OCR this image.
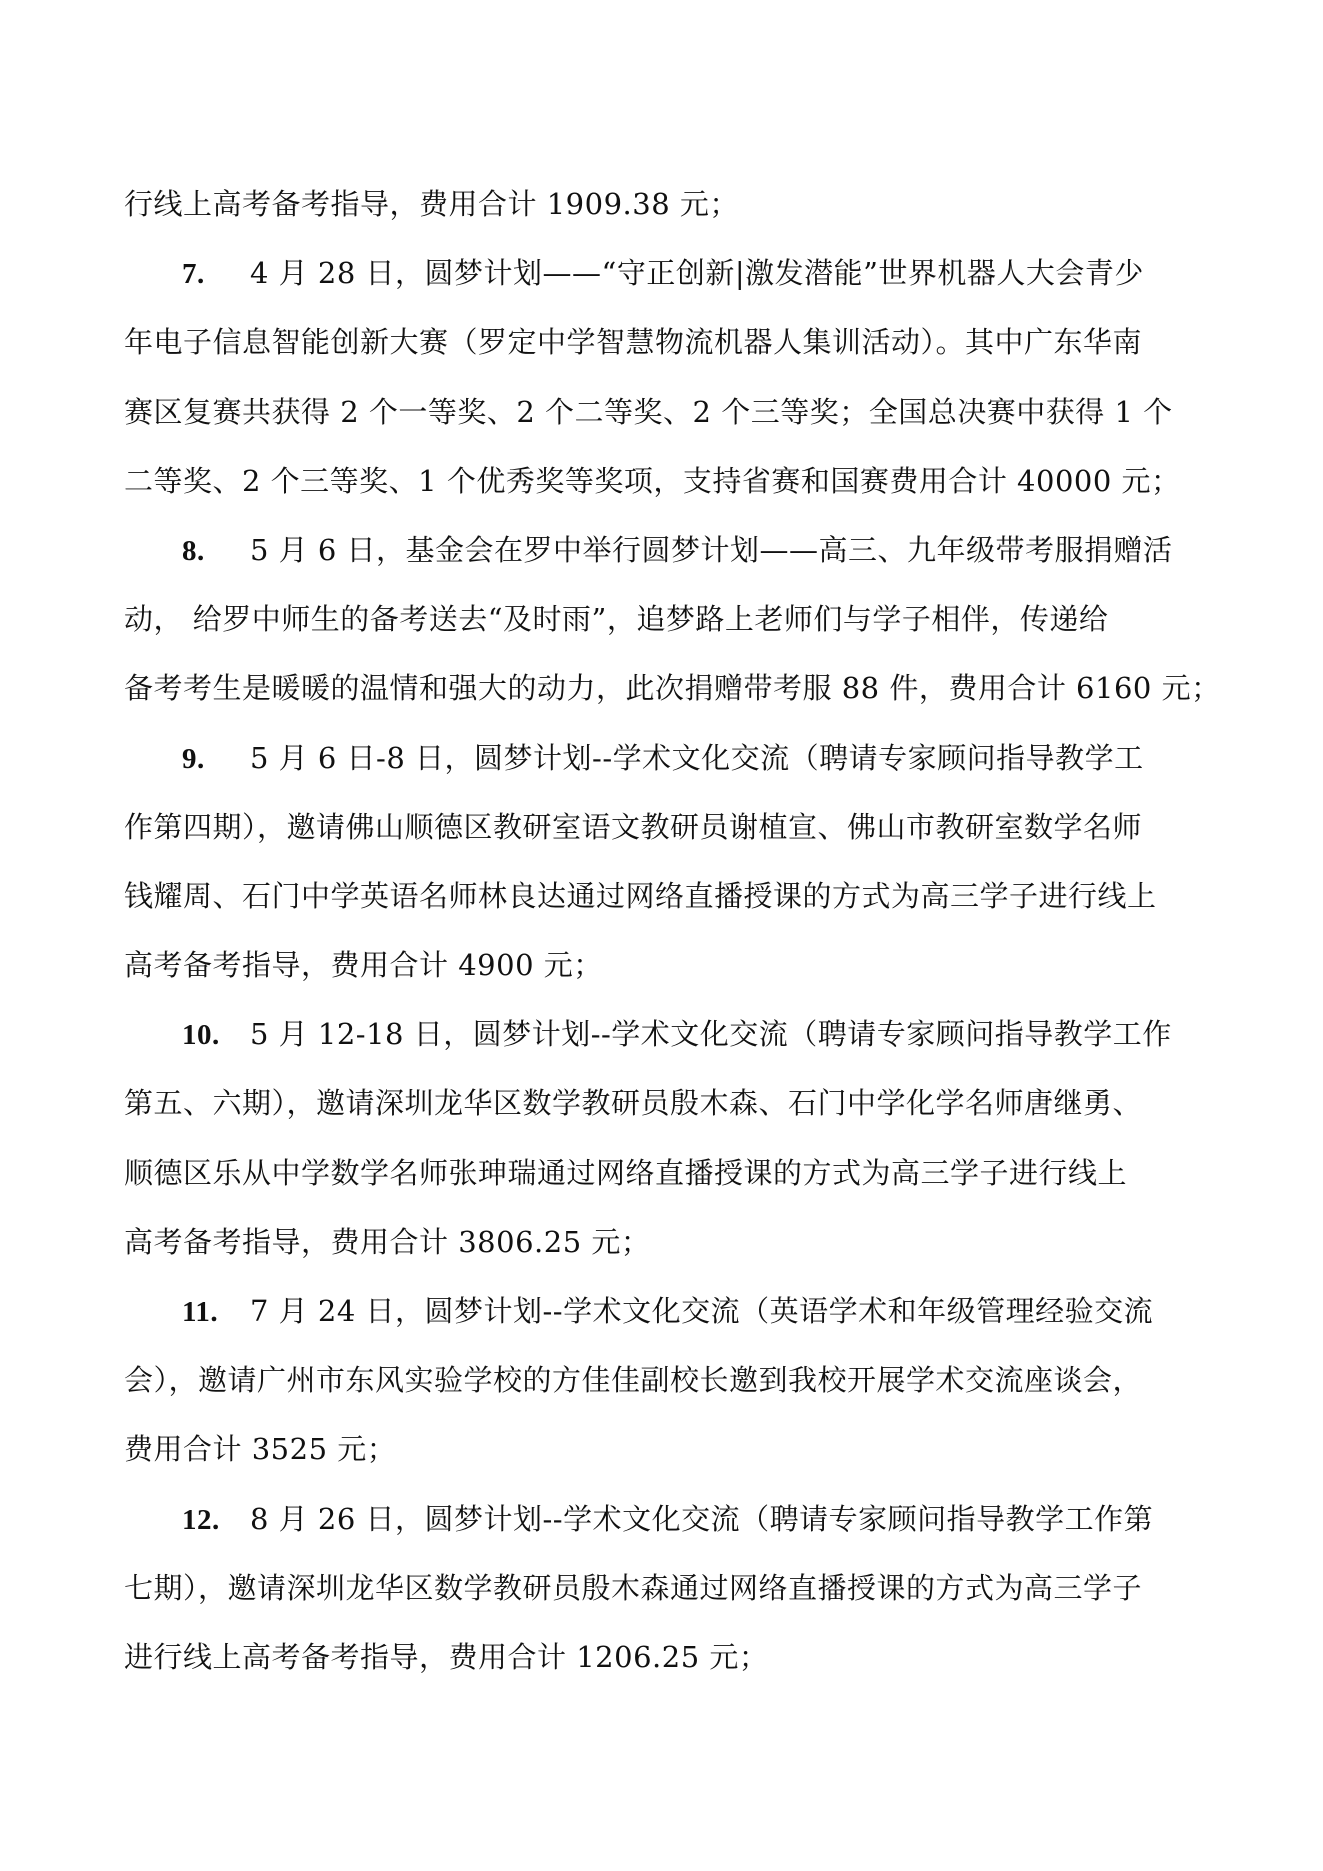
行线上高考备考指导，费用合计 1909.38 元；
7. 4 月 28 日，圆梦计划——“守正创新|激发潜能”世界机器人大会青少
年电子信息智能创新大赛（罗定中学智慧物流机器人集训活动）。其中广东华南
赛区复赛共获得 2 个一等奖、2 个二等奖、2 个三等奖；全国总决赛中获得 1 个
二等奖、2 个三等奖、1 个优秀奖等奖项，支持省赛和国赛费用合计 40000 元；
8. 5 月 6 日，基金会在罗中举行圆梦计划——高三、九年级带考服捐赠活
动， 给罗中师生的备考送去“及时雨”，追梦路上老师们与学子相伴，传递给
备考考生是暖暖的温情和强大的动力，此次捐赠带考服 88 件，费用合计 6160 元；
9. 5 月 6 日-8 日，圆梦计划--学术文化交流（聘请专家顾问指导教学工
作第四期），邀请佛山顺德区教研室语文教研员谢植宣、佛山市教研室数学名师
钱耀周、石门中学英语名师林良达通过网络直播授课的方式为高三学子进行线上
高考备考指导，费用合计 4900 元；
10. 5 月 12-18 日，圆梦计划--学术文化交流（聘请专家顾问指导教学工作
第五、六期），邀请深圳龙华区数学教研员殷木森、石门中学化学名师唐继勇、
顺德区乐从中学数学名师张珅瑞通过网络直播授课的方式为高三学子进行线上
高考备考指导，费用合计 3806.25 元；
11. 7 月 24 日，圆梦计划--学术文化交流（英语学术和年级管理经验交流
会），邀请广州市东风实验学校的方佳佳副校长邀到我校开展学术交流座谈会，
费用合计 3525 元；
12. 8 月 26 日，圆梦计划--学术文化交流（聘请专家顾问指导教学工作第
七期），邀请深圳龙华区数学教研员殷木森通过网络直播授课的方式为高三学子
进行线上高考备考指导，费用合计 1206.25 元；
